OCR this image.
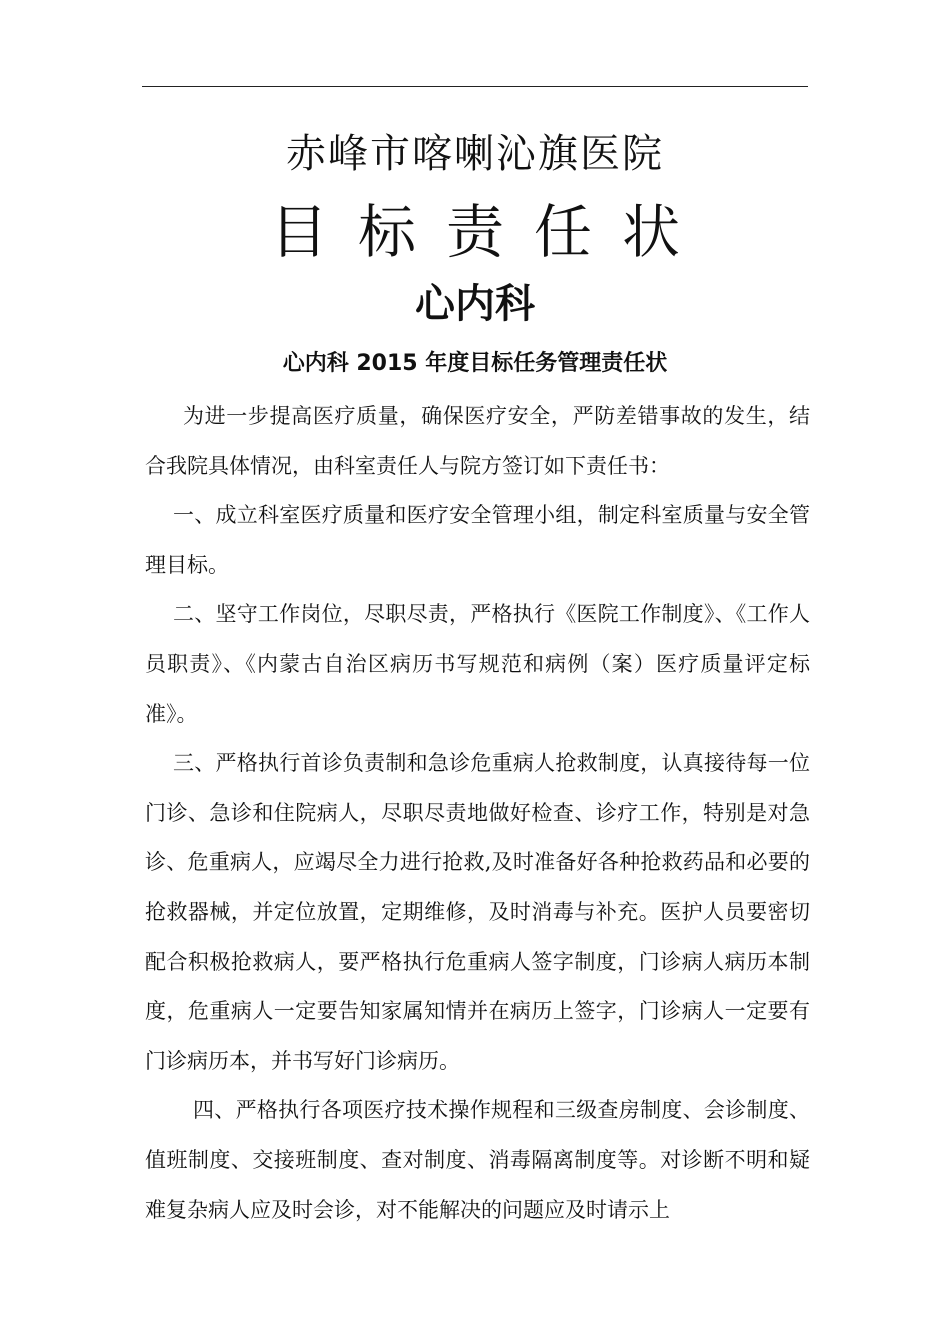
赤峰市喀喇沁旗医院
目标责任状
心内科
心内科 2015 年度目标任务管理责任状

为进一步提高医疗质量，确保医疗安全，严防差错事故的发生，结合我院具体情况，由科室责任人与院方签订如下责任书：

一、成立科室医疗质量和医疗安全管理小组，制定科室质量与安全管理目标。

二、坚守工作岗位，尽职尽责，严格执行《医院工作制度》、《工作人员职责》、《内蒙古自治区病历书写规范和病例（案）医疗质量评定标准》。

三、严格执行首诊负责制和急诊危重病人抢救制度，认真接待每一位门诊、急诊和住院病人，尽职尽责地做好检查、诊疗工作，特别是对急诊、危重病人，应竭尽全力进行抢救,及时准备好各种抢救药品和必要的抢救器械，并定位放置，定期维修，及时消毒与补充。医护人员要密切配合积极抢救病人，要严格执行危重病人签字制度，门诊病人病历本制度，危重病人一定要告知家属知情并在病历上签字，门诊病人一定要有门诊病历本，并书写好门诊病历。

四、严格执行各项医疗技术操作规程和三级查房制度、会诊制度、值班制度、交接班制度、查对制度、消毒隔离制度等。对诊断不明和疑难复杂病人应及时会诊，对不能解决的问题应及时请示上
